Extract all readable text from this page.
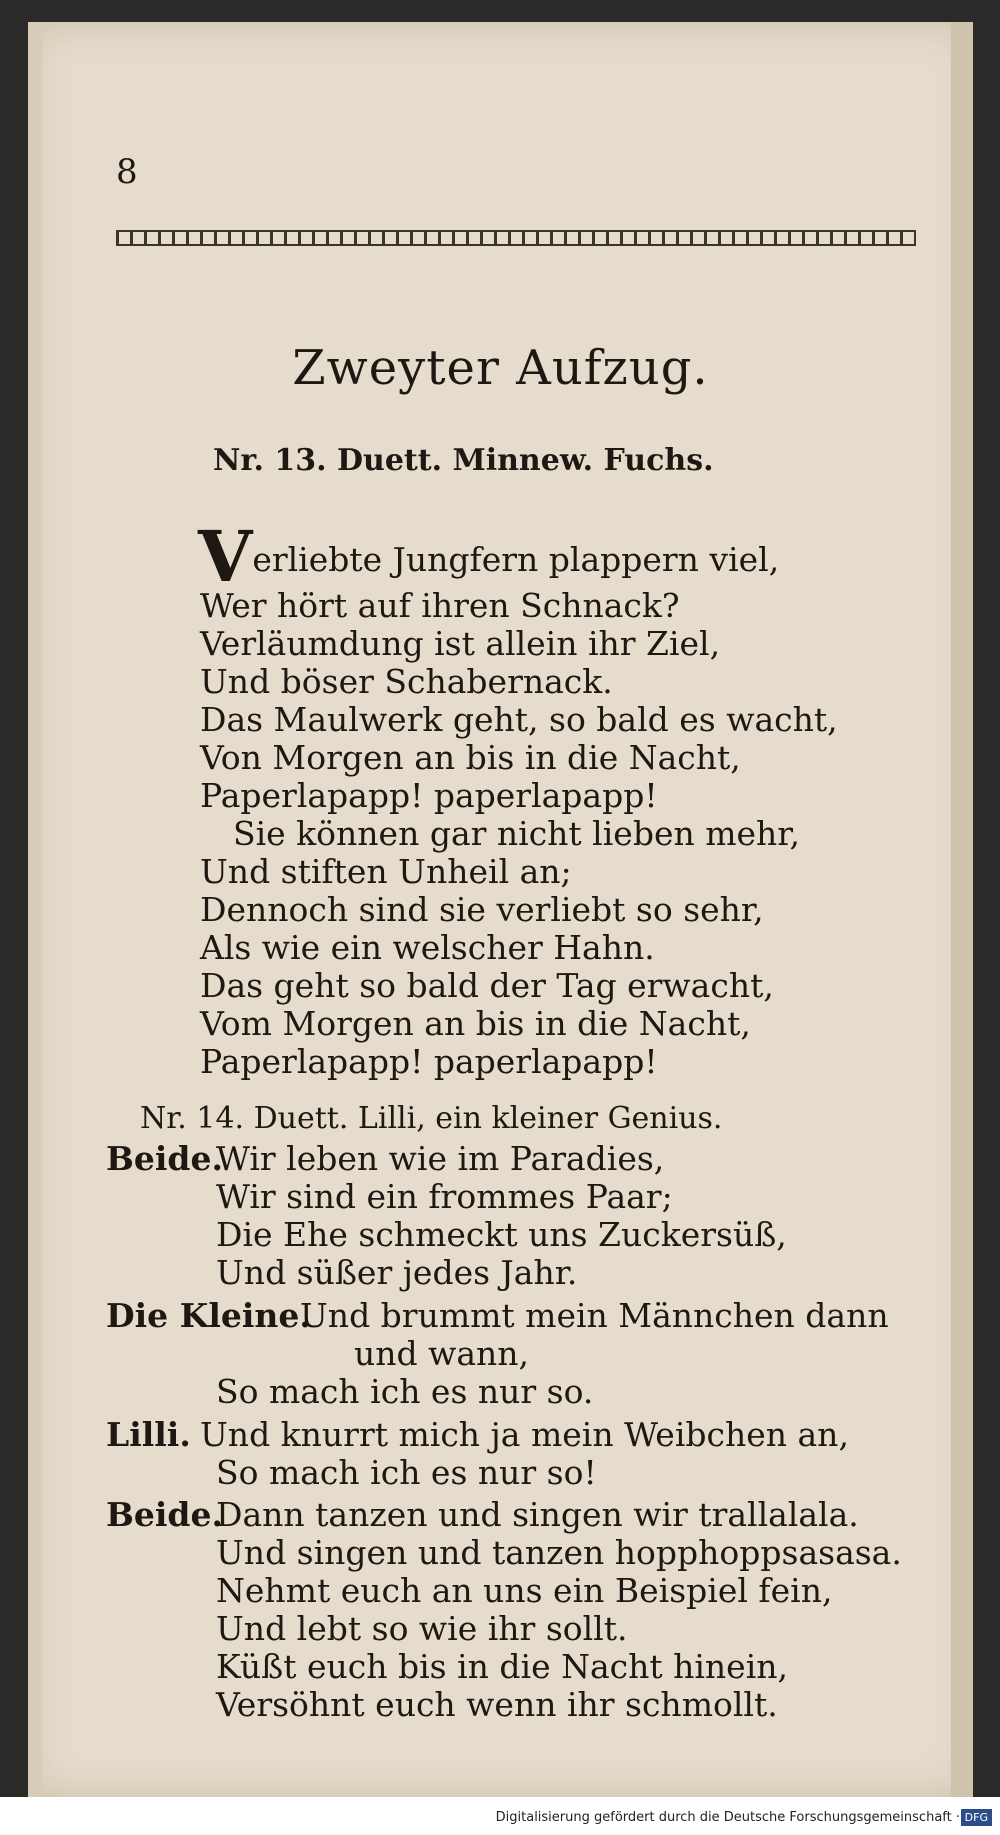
8
Zweyter Aufzug.
Nr. 13. Duett. Minnew. Fuchs.
Verliebte Jungfern plappern viel,
Wer hört auf ihren Schnack?
Verläumdung ist allein ihr Ziel,
Und böser Schabernack.
Das Maulwerk geht, so bald es wacht,
Von Morgen an bis in die Nacht,
Paperlapapp! paperlapapp!
Sie können gar nicht lieben mehr,
Und stiften Unheil an;
Dennoch sind sie verliebt so sehr,
Als wie ein welscher Hahn.
Das geht so bald der Tag erwacht,
Vom Morgen an bis in die Nacht,
Paperlapapp! paperlapapp!
Nr. 14. Duett. Lilli, ein kleiner Genius.
Beide.
Wir leben wie im Paradies,
Wir sind ein frommes Paar;
Die Ehe schmeckt uns Zuckersüß,
Und süßer jedes Jahr.
Die Kleine.
Und brummt mein Männchen dann
und wann,
So mach ich es nur so.
Lilli. Und knurrt mich ja mein Weibchen an,
So mach ich es nur so!
Beide.
Dann tanzen und singen wir trallalala.
Und singen und tanzen hopphoppsasasa.
Nehmt euch an uns ein Beispiel fein,
Und lebt so wie ihr sollt.
Küßt euch bis in die Nacht hinein,
Versöhnt euch wenn ihr schmollt.
Digitalisierung gefördert durch die Deutsche Forschungsgemeinschaft · DFG
